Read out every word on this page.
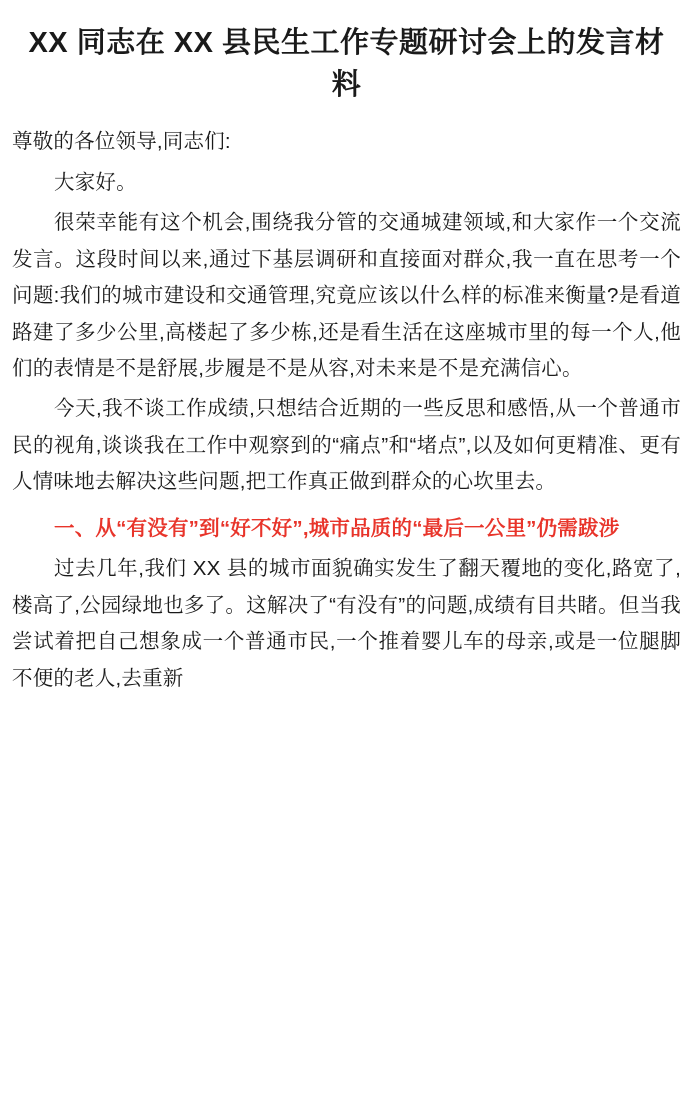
XX 同志在 XX 县民生工作专题研讨会上的发言材料

尊敬的各位领导,同志们:

大家好。

很荣幸能有这个机会,围绕我分管的交通城建领域,和大家作一个交流发言。这段时间以来,通过下基层调研和直接面对群众,我一直在思考一个问题:我们的城市建设和交通管理,究竟应该以什么样的标准来衡量?是看道路建了多少公里,高楼起了多少栋,还是看生活在这座城市里的每一个人,他们的表情是不是舒展,步履是不是从容,对未来是不是充满信心。

今天,我不谈工作成绩,只想结合近期的一些反思和感悟,从一个普通市民的视角,谈谈我在工作中观察到的“痛点”和“堵点”,以及如何更精准、更有人情味地去解决这些问题,把工作真正做到群众的心坎里去。

一、从“有没有”到“好不好”,城市品质的“最后一公里”仍需跋涉

过去几年,我们 XX 县的城市面貌确实发生了翻天覆地的变化,路宽了,楼高了,公园绿地也多了。这解决了“有没有”的问题,成绩有目共睹。但当我尝试着把自己想象成一个普通市民,一个推着婴儿车的母亲,或是一位腿脚不便的老人,去重新
